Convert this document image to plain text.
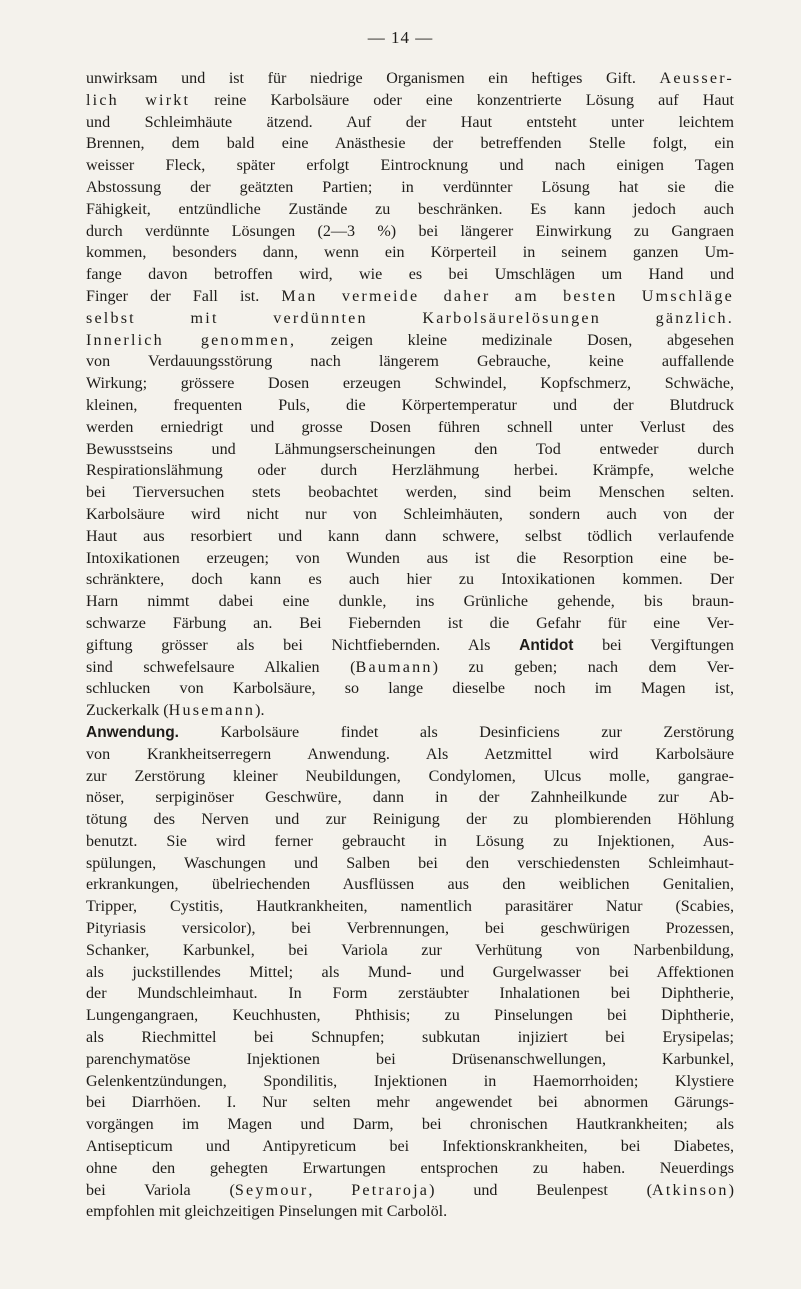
— 14 —
unwirksam und ist für niedrige Organismen ein heftiges Gift. Aeusser-
lich wirkt reine Karbolsäure oder eine konzentrierte Lösung auf Haut
und Schleimhäute ätzend. Auf der Haut entsteht unter leichtem
Brennen, dem bald eine Anästhesie der betreffenden Stelle folgt, ein
weisser Fleck, später erfolgt Eintrocknung und nach einigen Tagen
Abstossung der geätzten Partien; in verdünnter Lösung hat sie die
Fähigkeit, entzündliche Zustände zu beschränken. Es kann jedoch auch
durch verdünnte Lösungen (2—3 %) bei längerer Einwirkung zu Gangraen
kommen, besonders dann, wenn ein Körperteil in seinem ganzen Um-
fange davon betroffen wird, wie es bei Umschlägen um Hand und
Finger der Fall ist. Man vermeide daher am besten Umschläge
selbst mit verdünnten Karbolsäurelösungen gänzlich.
Innerlich genommen, zeigen kleine medizinale Dosen, abgesehen
von Verdauungsstörung nach längerem Gebrauche, keine auffallende
Wirkung; grössere Dosen erzeugen Schwindel, Kopfschmerz, Schwäche,
kleinen, frequenten Puls, die Körpertemperatur und der Blutdruck
werden erniedrigt und grosse Dosen führen schnell unter Verlust des
Bewusstseins und Lähmungserscheinungen den Tod entweder durch
Respirationslähmung oder durch Herzlähmung herbei. Krämpfe, welche
bei Tierversuchen stets beobachtet werden, sind beim Menschen selten.
Karbolsäure wird nicht nur von Schleimhäuten, sondern auch von der
Haut aus resorbiert und kann dann schwere, selbst tödlich verlaufende
Intoxikationen erzeugen; von Wunden aus ist die Resorption eine be-
schränktere, doch kann es auch hier zu Intoxikationen kommen. Der
Harn nimmt dabei eine dunkle, ins Grünliche gehende, bis braun-
schwarze Färbung an. Bei Fiebernden ist die Gefahr für eine Ver-
giftung grösser als bei Nichtfiebernden. Als Antidot bei Vergiftungen
sind schwefelsaure Alkalien (Baumann) zu geben; nach dem Ver-
schlucken von Karbolsäure, so lange dieselbe noch im Magen ist,
Zuckerkalk (Husemann).
Anwendung. Karbolsäure findet als Desinficiens zur Zerstörung
von Krankheitserregern Anwendung. Als Aetzmittel wird Karbolsäure
zur Zerstörung kleiner Neubildungen, Condylomen, Ulcus molle, gangrae-
nöser, serpiginöser Geschwüre, dann in der Zahnheilkunde zur Ab-
tötung des Nerven und zur Reinigung der zu plombierenden Höhlung
benutzt. Sie wird ferner gebraucht in Lösung zu Injektionen, Aus-
spülungen, Waschungen und Salben bei den verschiedensten Schleimhaut-
erkrankungen, übelriechenden Ausflüssen aus den weiblichen Genitalien,
Tripper, Cystitis, Hautkrankheiten, namentlich parasitärer Natur (Scabies,
Pityriasis versicolor), bei Verbrennungen, bei geschwürigen Prozessen,
Schanker, Karbunkel, bei Variola zur Verhütung von Narbenbildung,
als juckstillendes Mittel; als Mund- und Gurgelwasser bei Affektionen
der Mundschleimhaut. In Form zerstäubter Inhalationen bei Diphtherie,
Lungengangraen, Keuchhusten, Phthisis; zu Pinselungen bei Diphtherie,
als Riechmittel bei Schnupfen; subkutan injiziert bei Erysipelas;
parenchymatöse Injektionen bei Drüsenanschwellungen, Karbunkel,
Gelenkentzündungen, Spondilitis, Injektionen in Haemorrhoiden; Klystiere
bei Diarrhöen. I. Nur selten mehr angewendet bei abnormen Gärungs-
vorgängen im Magen und Darm, bei chronischen Hautkrankheiten; als
Antisepticum und Antipyreticum bei Infektionskrankheiten, bei Diabetes,
ohne den gehegten Erwartungen entsprochen zu haben. Neuerdings
bei Variola (Seymour, Petraroja) und Beulenpest (Atkinson)
empfohlen mit gleichzeitigen Pinselungen mit Carbolöl.
